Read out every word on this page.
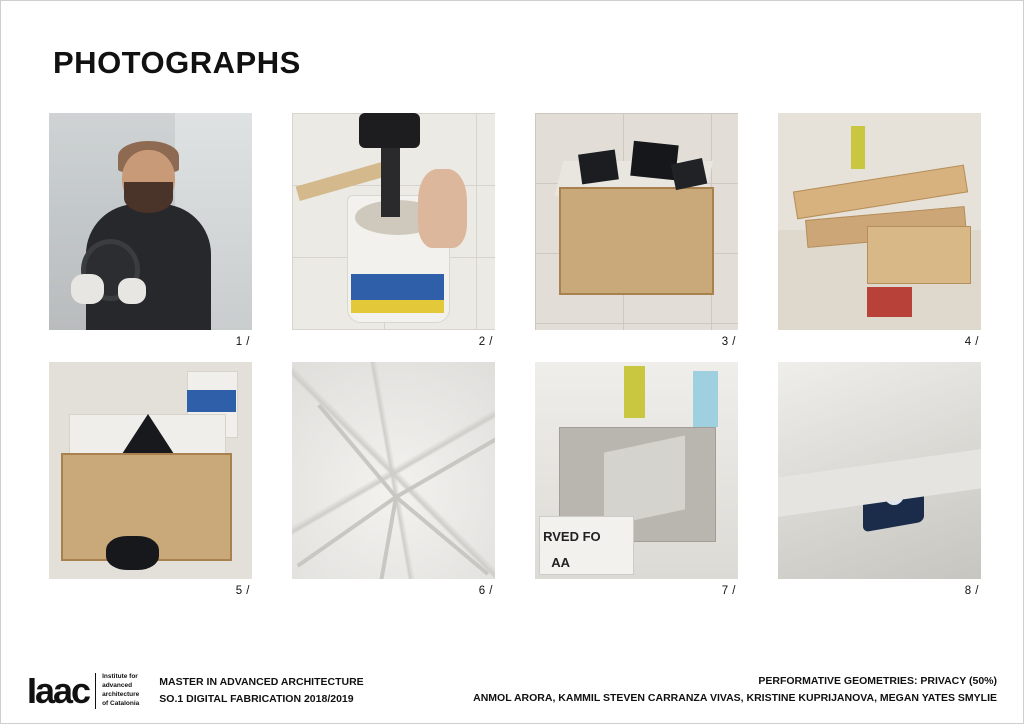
PHOTOGRAPHS
1 /	2 /	3 /	4 /
5 /	6 /
RVED FO
AA
7 /	8 /
Iaac Institute for
advanced
architecture
of Catalonia
MASTER IN ADVANCED ARCHITECTURE
SO.1 DIGITAL FABRICATION 2018/2019
PERFORMATIVE GEOMETRIES: PRIVACY (50%)
ANMOL ARORA, KAMMIL STEVEN CARRANZA VIVAS, KRISTINE KUPRIJANOVA, MEGAN YATES SMYLIE
